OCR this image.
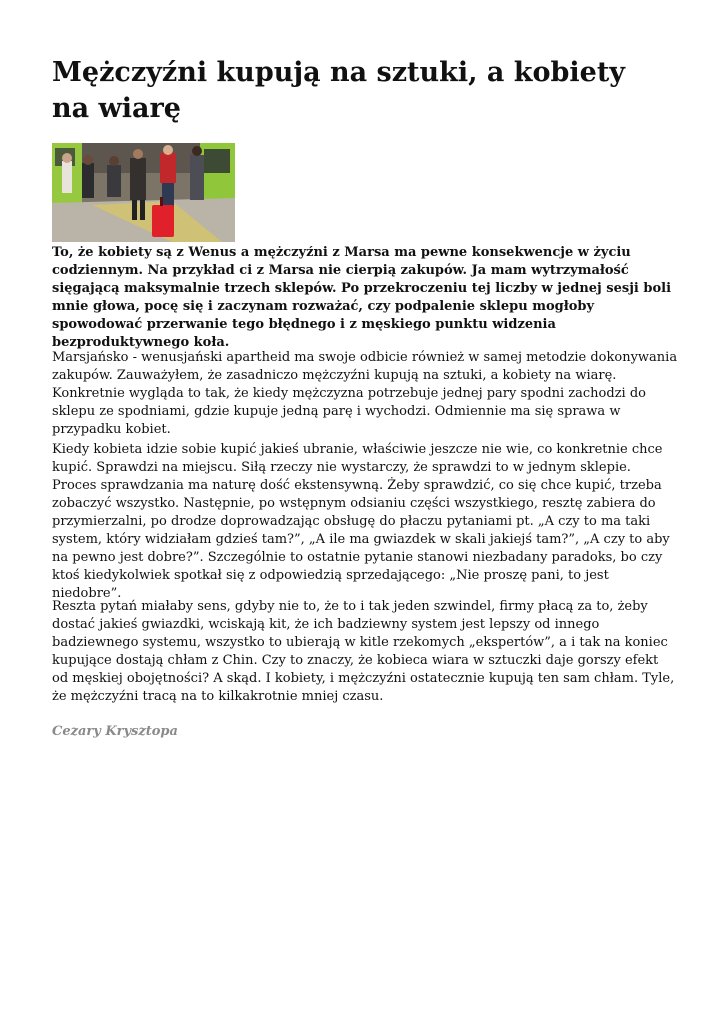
Mężczyźni kupują na sztuki, a kobiety na wiarę

To, że kobiety są z Wenus a mężczyźni z Marsa ma pewne konsekwencje w życiu codziennym. Na przykład ci z Marsa nie cierpią zakupów. Ja mam wytrzymałość sięgającą maksymalnie trzech sklepów. Po przekroczeniu tej liczby w jednej sesji boli mnie głowa, pocę się i zaczynam rozważać, czy podpalenie sklepu mogłoby spowodować przerwanie tego błędnego i z męskiego punktu widzenia bezproduktywnego koła.

Marsjańsko - wenusjański apartheid ma swoje odbicie również w samej metodzie dokonywania zakupów. Zauważyłem, że zasadniczo mężczyźni kupują na sztuki, a kobiety na wiarę. Konkretnie wygląda to tak, że kiedy mężczyzna potrzebuje jednej pary spodni zachodzi do sklepu ze spodniami, gdzie kupuje jedną parę i wychodzi. Odmiennie ma się sprawa w przypadku kobiet.

Kiedy kobieta idzie sobie kupić jakieś ubranie, właściwie jeszcze nie wie, co konkretnie chce kupić. Sprawdzi na miejscu. Siłą rzeczy nie wystarczy, że sprawdzi to w jednym sklepie. Proces sprawdzania ma naturę dość ekstensywną. Żeby sprawdzić, co się chce kupić, trzeba zobaczyć wszystko. Następnie, po wstępnym odsianiu części wszystkiego, resztę zabiera do przymierzalni, po drodze doprowadzając obsługę do płaczu pytaniami pt. „A czy to ma taki system, który widziałam gdzieś tam?”, „A ile ma gwiazdek w skali jakiejś tam?”, „A czy to aby na pewno jest dobre?”. Szczególnie to ostatnie pytanie stanowi niezbadany paradoks, bo czy ktoś kiedykolwiek spotkał się z odpowiedzią sprzedającego: „Nie proszę pani, to jest niedobre”.

Reszta pytań miałaby sens, gdyby nie to, że to i tak jeden szwindel, firmy płacą za to, żeby dostać jakieś gwiazdki, wciskają kit, że ich badziewny system jest lepszy od innego badziewnego systemu, wszystko to ubierają w kitle rzekomych „ekspertów”, a i tak na koniec kupujące dostają chłam z Chin. Czy to znaczy, że kobieca wiara w sztuczki daje gorszy efekt od męskiej obojętności? A skąd. I kobiety, i mężczyźni ostatecznie kupują ten sam chłam. Tyle, że mężczyźni tracą na to kilkakrotnie mniej czasu.

Cezary Krysztopa
